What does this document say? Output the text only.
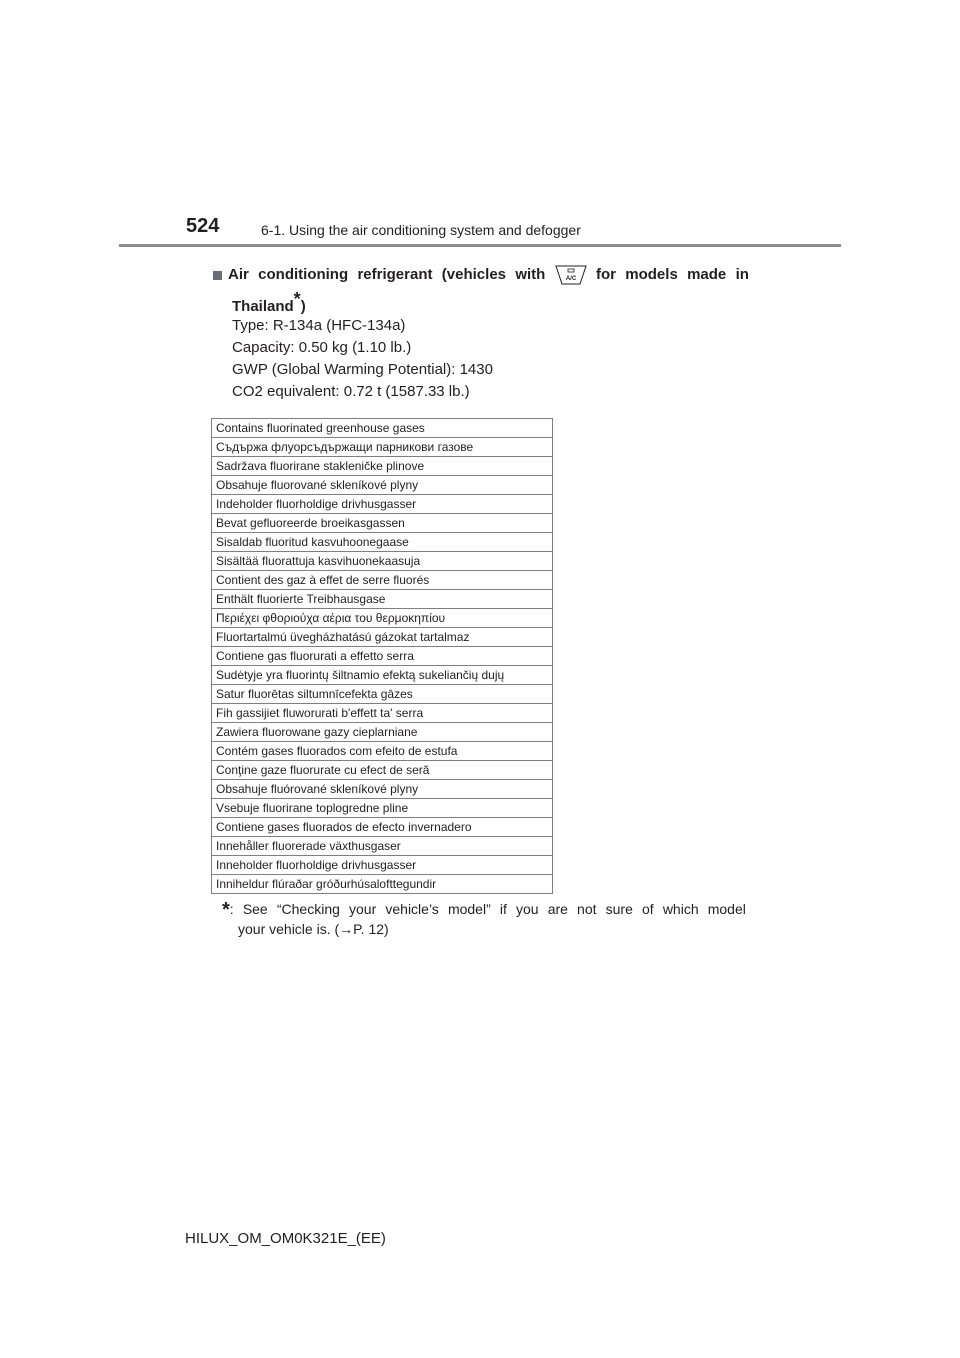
524	6-1. Using the air conditioning system and defogger
Air conditioning refrigerant (vehicles with	A/C for models made in
Thailand*)
Type: R-134a (HFC-134a)
Capacity: 0.50 kg (1.10 lb.)
GWP (Global Warming Potential): 1430
CO2 equivalent: 0.72 t (1587.33 lb.)
Contains fluorinated greenhouse gases
Съдържа флуорсъдържащи парникови газове
Sadržava fluorirane stakleničke plinove
Obsahuje fluorované skleníkové plyny
Indeholder fluorholdige drivhusgasser
Bevat gefluoreerde broeikasgassen
Sisaldab fluoritud kasvuhoonegaase
Sisältää fluorattuja kasvihuonekaasuja
Contient des gaz à effet de serre fluorés
Enthält fluorierte Treibhausgase
Περιέχει φθοριούχα αέρια του θερμοκηπίου
Fluortartalmú üvegházhatású gázokat tartalmaz
Contiene gas fluorurati a effetto serra
Sudėtyje yra fluorintų šiltnamio efektą sukeliančių dujų
Satur fluorētas siltumnīcefekta gāzes
Fih gassijiet fluworurati b'effett ta' serra
Zawiera fluorowane gazy cieplarniane
Contém gases fluorados com efeito de estufa
Conţine gaze fluorurate cu efect de seră
Obsahuje fluórované skleníkové plyny
Vsebuje fluorirane toplogredne pline
Contiene gases fluorados de efecto invernadero
Innehåller fluorerade växthusgaser
Inneholder fluorholdige drivhusgasser
Inniheldur flúraðar gróðurhúsalofttegundir
*: See “Checking your vehicle’s model” if you are not sure of which model
your vehicle is. (→P. 12)
HILUX_OM_OM0K321E_(EE)
